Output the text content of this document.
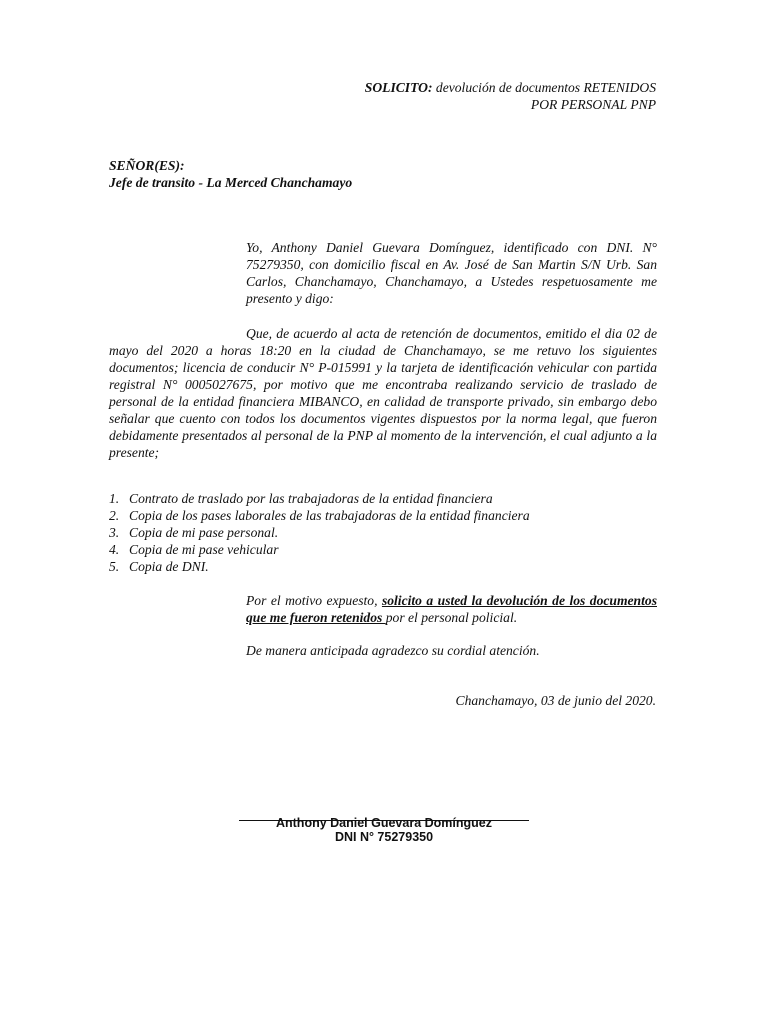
SOLICITO: devolución de documentos RETENIDOS
POR PERSONAL PNP
SEÑOR(ES):
Jefe de transito - La Merced Chanchamayo
Yo, Anthony Daniel Guevara Domínguez, identificado con DNI. N° 75279350, con domicilio fiscal en Av. José de San Martin S/N Urb. San Carlos, Chanchamayo, Chanchamayo, a Ustedes respetuosamente me presento y digo:
Que, de acuerdo al acta de retención de documentos, emitido el dia 02 de mayo del 2020 a horas 18:20 en la ciudad de Chanchamayo, se me retuvo los siguientes documentos; licencia de conducir N° P-015991 y la tarjeta de identificación vehicular con partida registral N° 0005027675, por motivo que me encontraba realizando servicio de traslado de personal de la entidad financiera MIBANCO, en calidad de transporte privado, sin embargo debo señalar que cuento con todos los documentos vigentes dispuestos por la norma legal, que fueron debidamente presentados al personal de la PNP al momento de la intervención, el cual adjunto a la presente;
1. Contrato de traslado por las trabajadoras de la entidad financiera
2. Copia de los pases laborales de las trabajadoras de la entidad financiera
3. Copia de mi pase personal.
4. Copia de mi pase vehicular
5. Copia de DNI.
Por el motivo expuesto, solicito a usted la devolución de los documentos que me fueron retenidos por el personal policial.
De manera anticipada agradezco su cordial atención.
Chanchamayo, 03 de junio del 2020.
Anthony Daniel Guevara Domínguez
DNI N° 75279350
